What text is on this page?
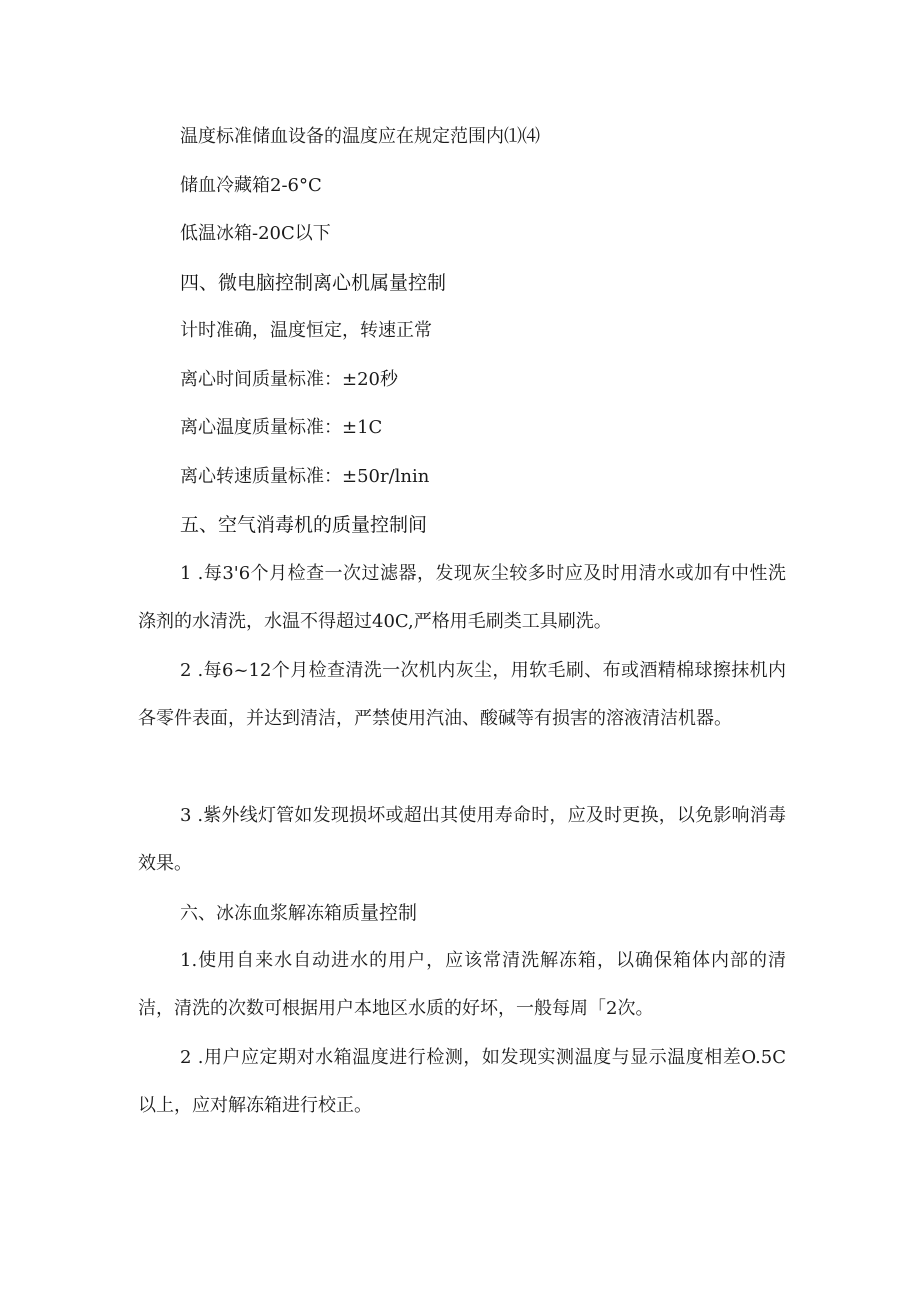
温度标准储血设备的温度应在规定范围内⑴⑷
储血冷藏箱2-6°C
低温冰箱-20C以下
四、微电脑控制离心机属量控制
计时准确，温度恒定，转速正常
离心时间质量标准：±20秒
离心温度质量标准：±1C
离心转速质量标准：±50r/lnin
五、空气消毒机的质量控制间
1 .每3'6个月检查一次过滤器，发现灰尘较多时应及时用清水或加有中性洗涤剂的水清洗，水温不得超过40C,严格用毛刷类工具刷洗。
2 .每6~12个月检查清洗一次机内灰尘，用软毛刷、布或酒精棉球擦抹机内各零件表面，并达到清洁，严禁使用汽油、酸碱等有损害的溶液清洁机器。
3 .紫外线灯管如发现损坏或超出其使用寿命时，应及时更换，以免影响消毒效果。
六、冰冻血浆解冻箱质量控制
1.使用自来水自动进水的用户，应该常清洗解冻箱，以确保箱体内部的清洁，清洗的次数可根据用户本地区水质的好坏，一般每周「2次。
2 .用户应定期对水箱温度进行检测，如发现实测温度与显示温度相差O.5C以上，应对解冻箱进行校正。
